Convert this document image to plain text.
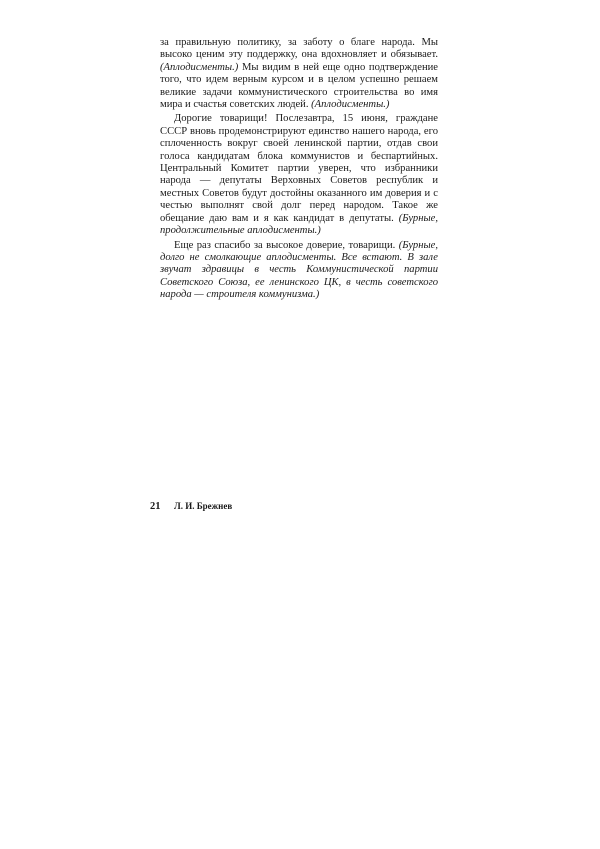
за правильную политику, за заботу о благе народа. Мы высоко ценим эту поддержку, она вдохновляет и обязывает. (Аплодисменты.) Мы видим в ней еще одно подтверждение того, что идем верным курсом и в целом успешно решаем великие задачи коммунистического строительства во имя мира и счастья советских людей. (Аплодисменты.)

Дорогие товарищи! Послезавтра, 15 июня, граждане СССР вновь продемонстрируют единство нашего народа, его сплоченность вокруг своей ленинской партии, отдав свои голоса кандидатам блока коммунистов и беспартийных. Центральный Комитет партии уверен, что избранники народа — депутаты Верховных Советов республик и местных Советов будут достойны оказанного им доверия и с честью выполнят свой долг перед народом. Такое же обещание даю вам и я как кандидат в депутаты. (Бурные, продолжительные аплодисменты.)

Еще раз спасибо за высокое доверие, товарищи. (Бурные, долго не смолкающие аплодисменты. Все встают. В зале звучат здравицы в честь Коммунистической партии Советского Союза, ее ленинского ЦК, в честь советского народа — строителя коммунизма.)

21 Л. И. Брежнев
